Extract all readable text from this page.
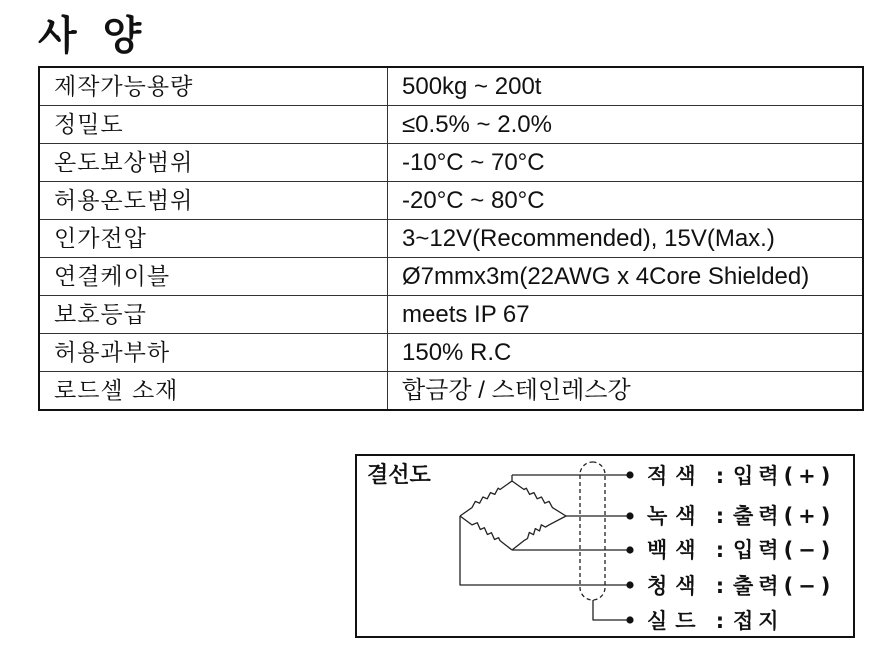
사 양
제작가능용량	500kg ~ 200t
정밀도	≤0.5% ~ 2.0%
온도보상범위	-10°C ~ 70°C
허용온도범위	-20°C ~ 80°C
인가전압	3~12V(Recommended), 15V(Max.)
연결케이블	Ø7mmx3m(22AWG x 4Core Shielded)
보호등급	meets IP 67
허용과부하	150% R.C
로드셀 소재	합금강 / 스테인레스강
결선도	적색 : 입력(+)
녹색 : 출력(+)
백색 : 입력(−)
청색 : 출력(−)
실드 : 접지
